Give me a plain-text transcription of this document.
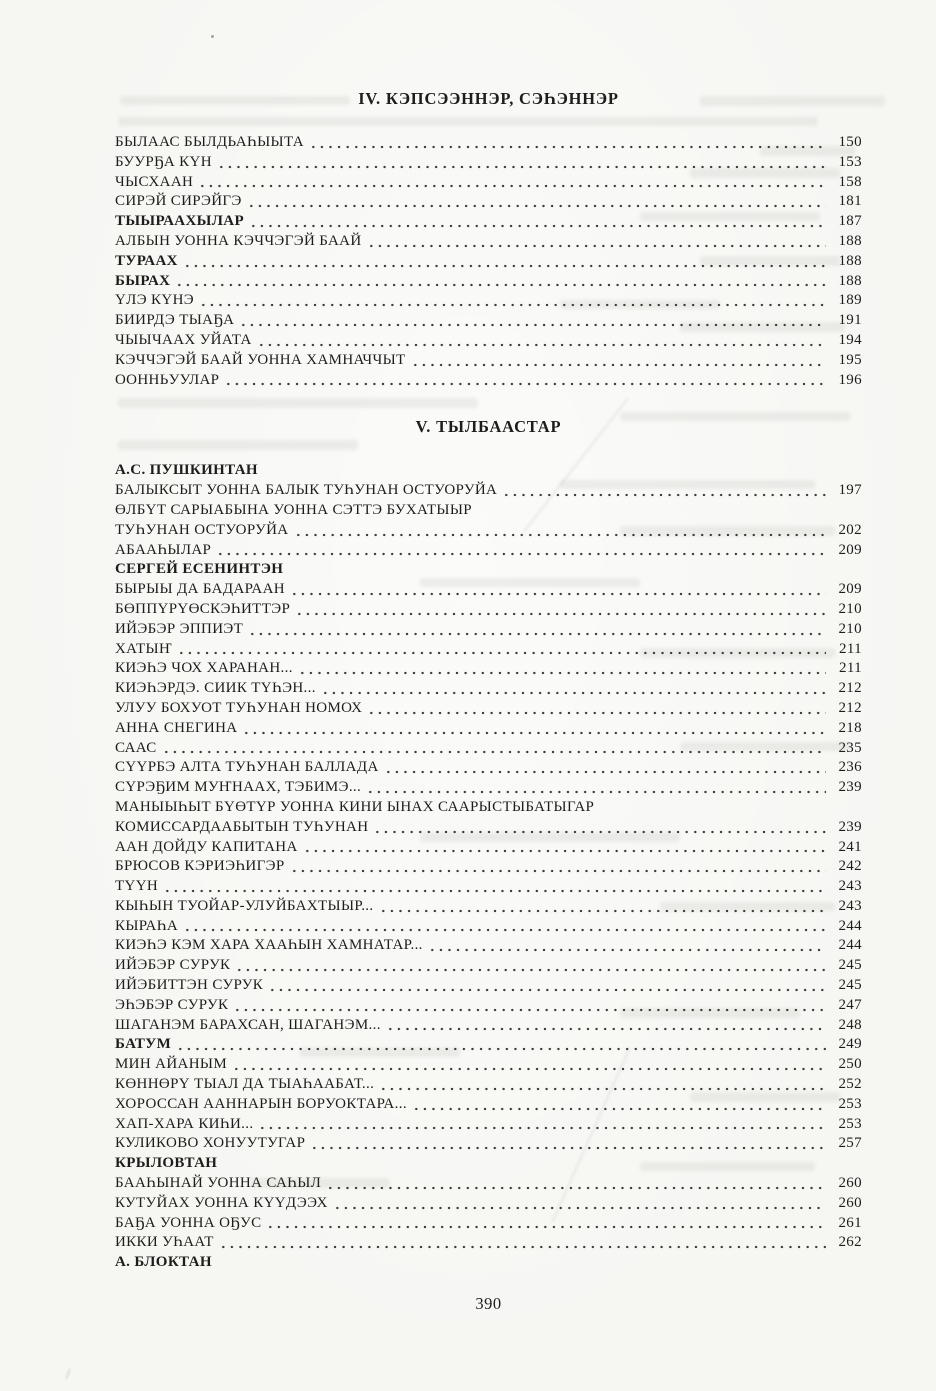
IV. КЭПСЭЭННЭР, СЭҺЭННЭР
БЫЛААС БЫЛДЬАҺЫЫТА	150
БУУРҔА КҮН	153
ЧЫСХААН	158
СИРЭЙ СИРЭЙГЭ	181
ТЫЫРААХЫЛАР	187
АЛБЫН УОННА КЭЧЧЭГЭЙ БААЙ	188
ТУРААХ	188
БЫРАХ	188
ҮЛЭ КҮНЭ	189
БИИРДЭ ТЫАҔА	191
ЧЫЫЧААХ УЙАТА	194
КЭЧЧЭГЭЙ БААЙ УОННА ХАМНАЧЧЫТ	195
ООННЬУУЛАР	196
V. ТЫЛБААСТАР
А.С. ПУШКИНТАН
БАЛЫКСЫТ УОННА БАЛЫК ТУҺУНАН ОСТУОРУЙА	197
ӨЛБҮТ САРЫАБЫНА УОННА СЭТТЭ БУХАТЫЫР
ТУҺУНАН ОСТУОРУЙА	202
АБААҺЫЛАР	209
СЕРГЕЙ ЕСЕНИНТЭН
БЫРЫЫ ДА БАДАРААН	209
БӨППҮРҮӨСКЭҺИТТЭР	210
ИЙЭБЭР ЭППИЭТ	210
ХАТЫҤ	211
КИЭҺЭ ЧОХ ХАРАНАН...	211
КИЭҺЭРДЭ. СИИК ТҮҺЭН...	212
УЛУУ БОХУОТ ТУҺУНАН НОМОХ	212
АННА СНЕГИНА	218
СААС	235
СҮҮРБЭ АЛТА ТУҺУНАН БАЛЛАДА	236
СҮРЭҔИМ МУҤНААХ, ТЭБИМЭ...	239
МАНЫЫҺЫТ БҮӨТҮР УОННА КИНИ ЫНАХ СААРЫСТЫБАТЫГАР
КОМИССАРДААБЫТЫН ТУҺУНАН	239
ААН ДОЙДУ КАПИТАНА	241
БРЮСОВ КЭРИЭҺИГЭР	242
ТҮҮН	243
КЫҺЫН ТУОЙАР-УЛУЙБАХТЫЫР...	243
КЫРАҺА	244
КИЭҺЭ КЭМ ХАРА ХААҺЫН ХАМНАТАР...	244
ИЙЭБЭР СУРУК	245
ИЙЭБИТТЭН СУРУК	245
ЭҺЭБЭР СУРУК	247
ШАГАНЭМ БАРАХСАН, ШАГАНЭМ...	248
БАТУМ	249
МИН АЙАНЫМ	250
КӨННӨРҮ ТЫАЛ ДА ТЫАҺААБАТ...	252
ХОРОССАН ААННАРЫН БОРУОКТАРА...	253
ХАП-ХАРА КИҺИ...	253
КУЛИКОВО ХОНУУТУГАР	257
КРЫЛОВТАН
БААҺЫНАЙ УОННА САҺЫЛ	260
КУТУЙАХ УОННА КҮҮДЭЭХ	260
БАҔА УОННА ОҔУС	261
ИККИ УҺААТ	262
А. БЛОКТАН
390
